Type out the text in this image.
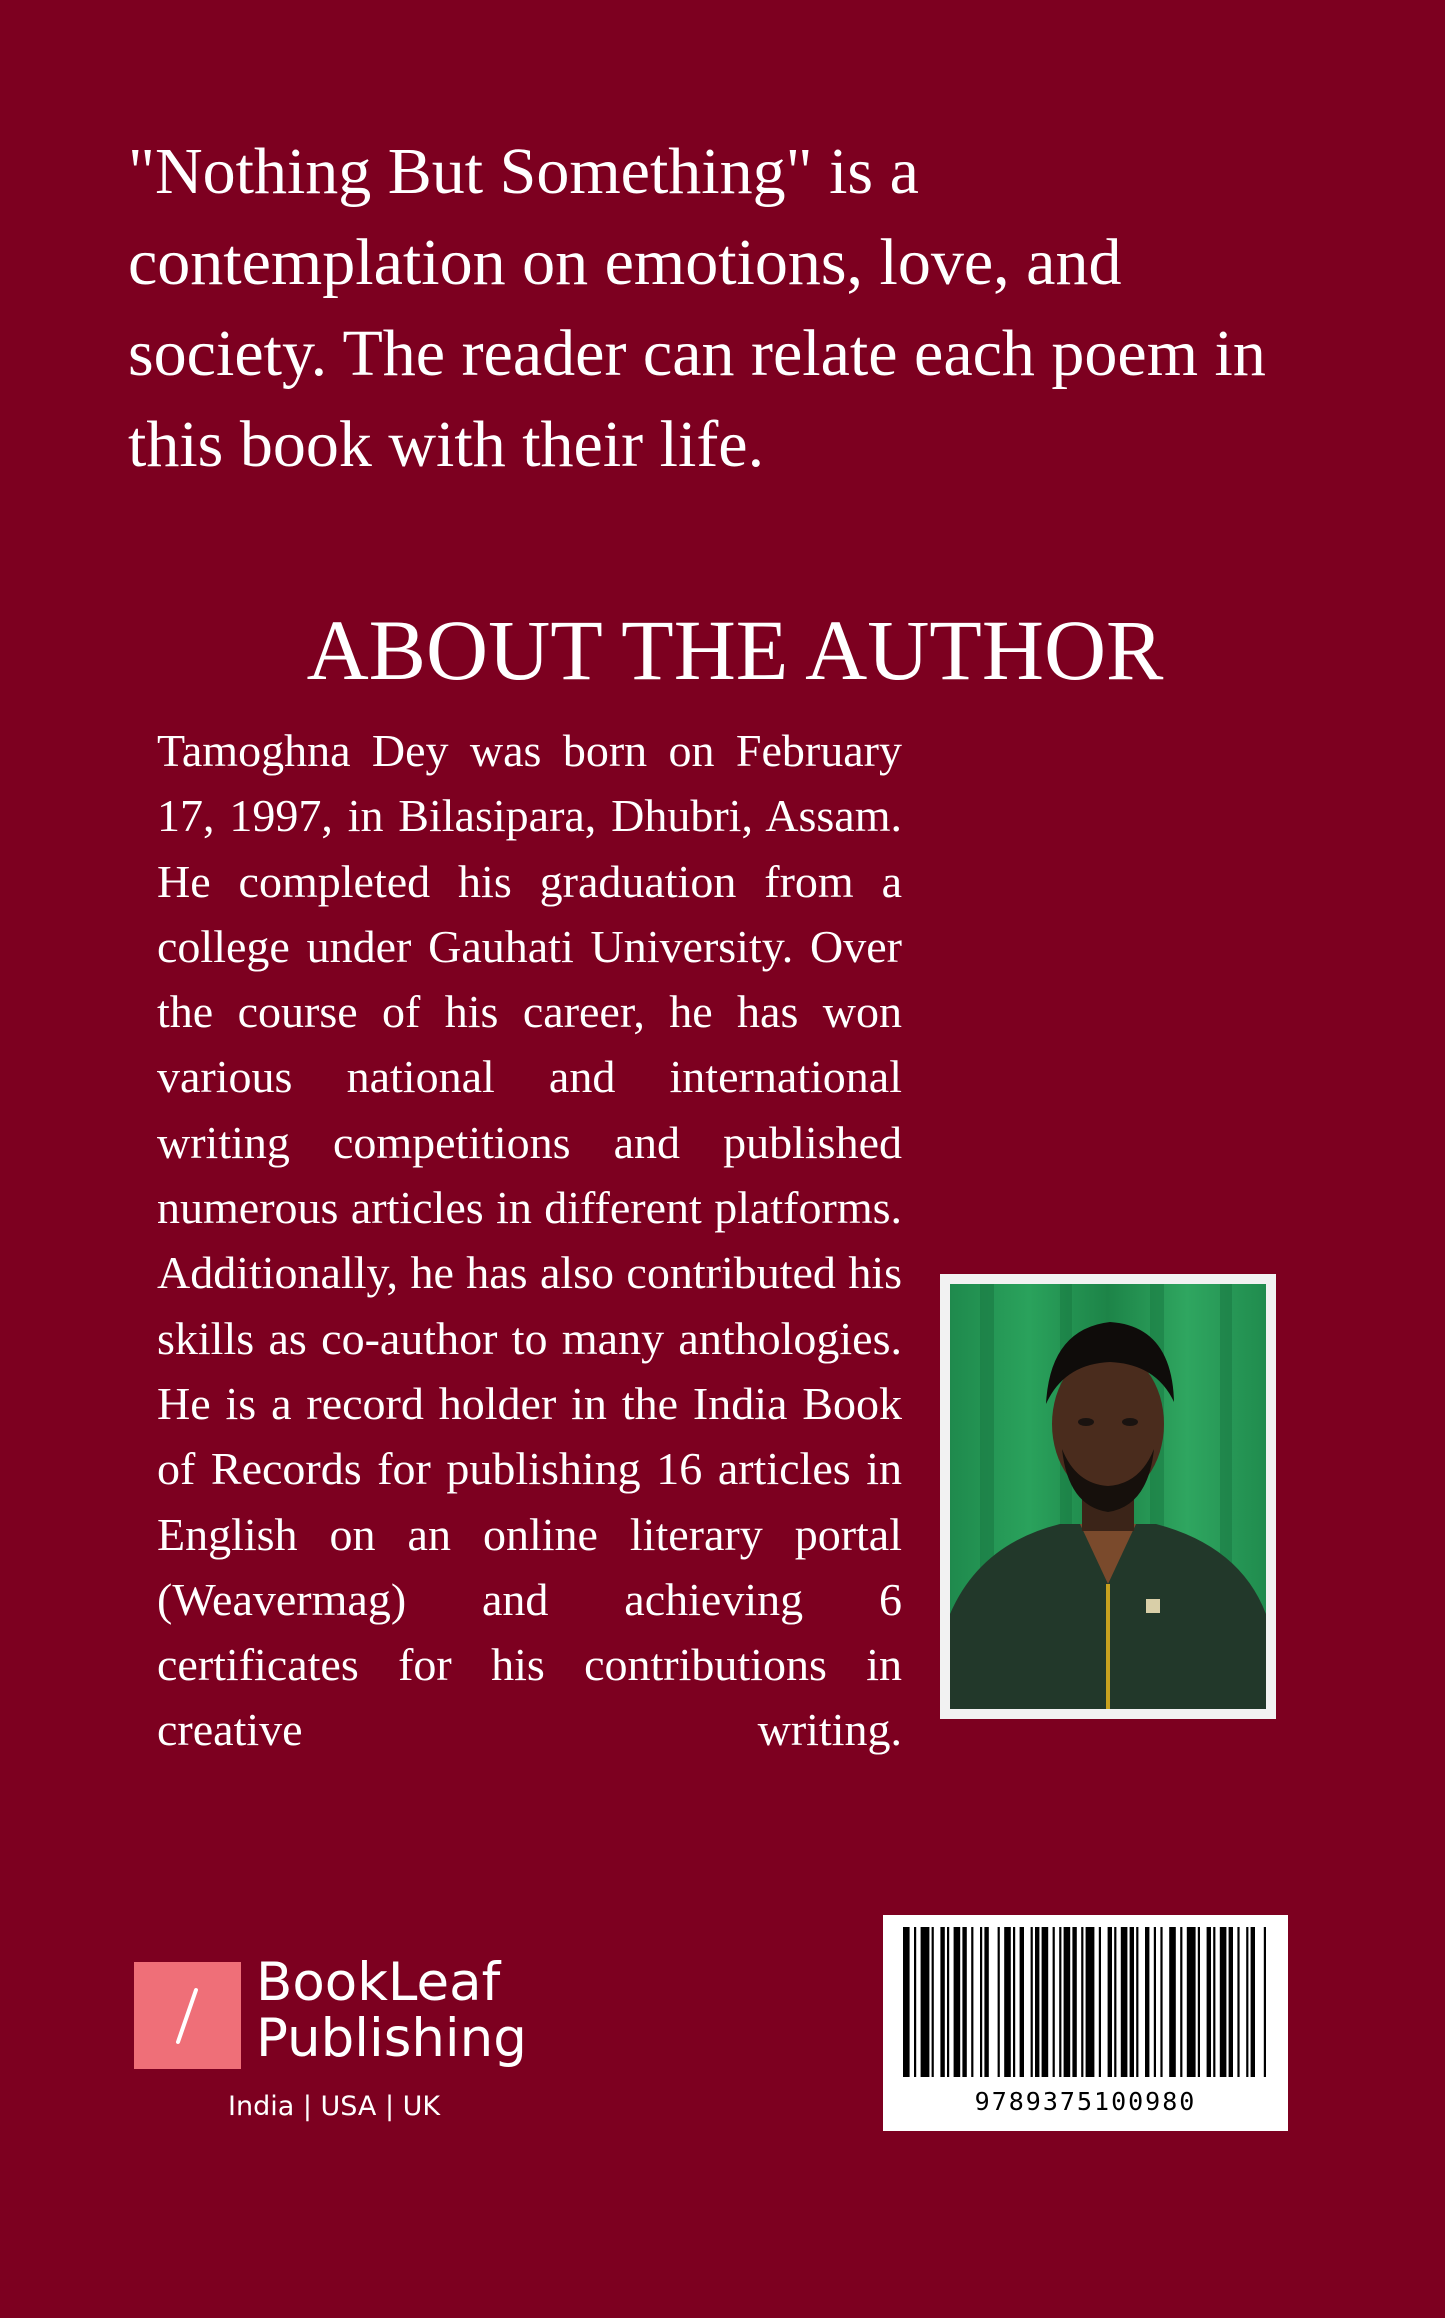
"Nothing But Something" is a contemplation on emotions, love, and society. The reader can relate each poem in this book with their life.

ABOUT THE AUTHOR

Tamoghna Dey was born on February 17, 1997, in Bilasipara, Dhubri, Assam. He completed his graduation from a college under Gauhati University. Over the course of his career, he has won various national and international writing competitions and published numerous articles in different platforms. Additionally, he has also contributed his skills as co-author to many anthologies. He is a record holder in the India Book of Records for publishing 16 articles in English on an online literary portal (Weavermag) and achieving 6 certificates for his contributions in creative writing.

BookLeaf
Publishing
India | USA | UK	9789375100980
